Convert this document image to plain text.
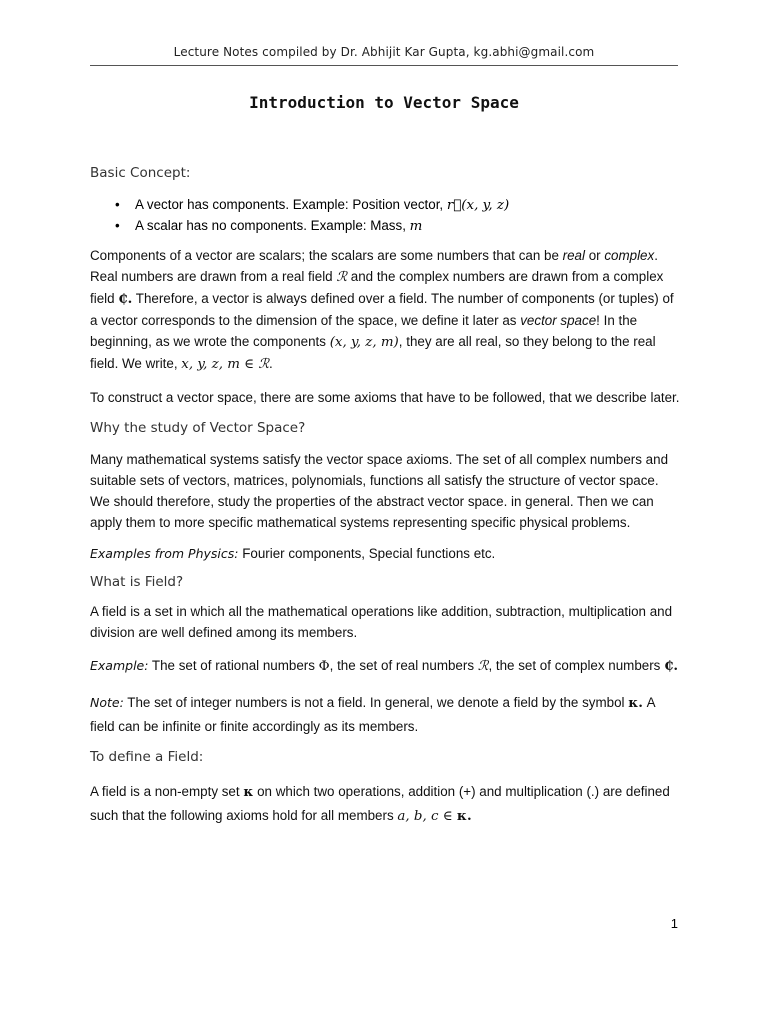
Lecture Notes compiled by Dr. Abhijit Kar Gupta, kg.abhi@gmail.com
Introduction to Vector Space

Basic Concept:

• A vector has components. Example: Position vector, r⃗(x, y, z)
• A scalar has no components. Example: Mass, m

Components of a vector are scalars; the scalars are some numbers that can be real or complex. Real numbers are drawn from a real field ℛ and the complex numbers are drawn from a complex field ₵. Therefore, a vector is always defined over a field. The number of components (or tuples) of a vector corresponds to the dimension of the space, we define it later as vector space! In the beginning, as we wrote the components (x, y, z, m), they are all real, so they belong to the real field. We write, x, y, z, m ∈ ℛ.

To construct a vector space, there are some axioms that have to be followed, that we describe later.

Why the study of Vector Space?

Many mathematical systems satisfy the vector space axioms. The set of all complex numbers and suitable sets of vectors, matrices, polynomials, functions all satisfy the structure of vector space. We should therefore, study the properties of the abstract vector space. in general. Then we can apply them to more specific mathematical systems representing specific physical problems.

Examples from Physics: Fourier components, Special functions etc.

What is Field?

A field is a set in which all the mathematical operations like addition, subtraction, multiplication and division are well defined among its members.

Example: The set of rational numbers Φ, the set of real numbers ℛ, the set of complex numbers ₵.

Note: The set of integer numbers is not a field. In general, we denote a field by the symbol κ. A field can be infinite or finite accordingly as its members.

To define a Field:

A field is a non-empty set κ on which two operations, addition (+) and multiplication (.) are defined such that the following axioms hold for all members a, b, c ∈ κ.

1
